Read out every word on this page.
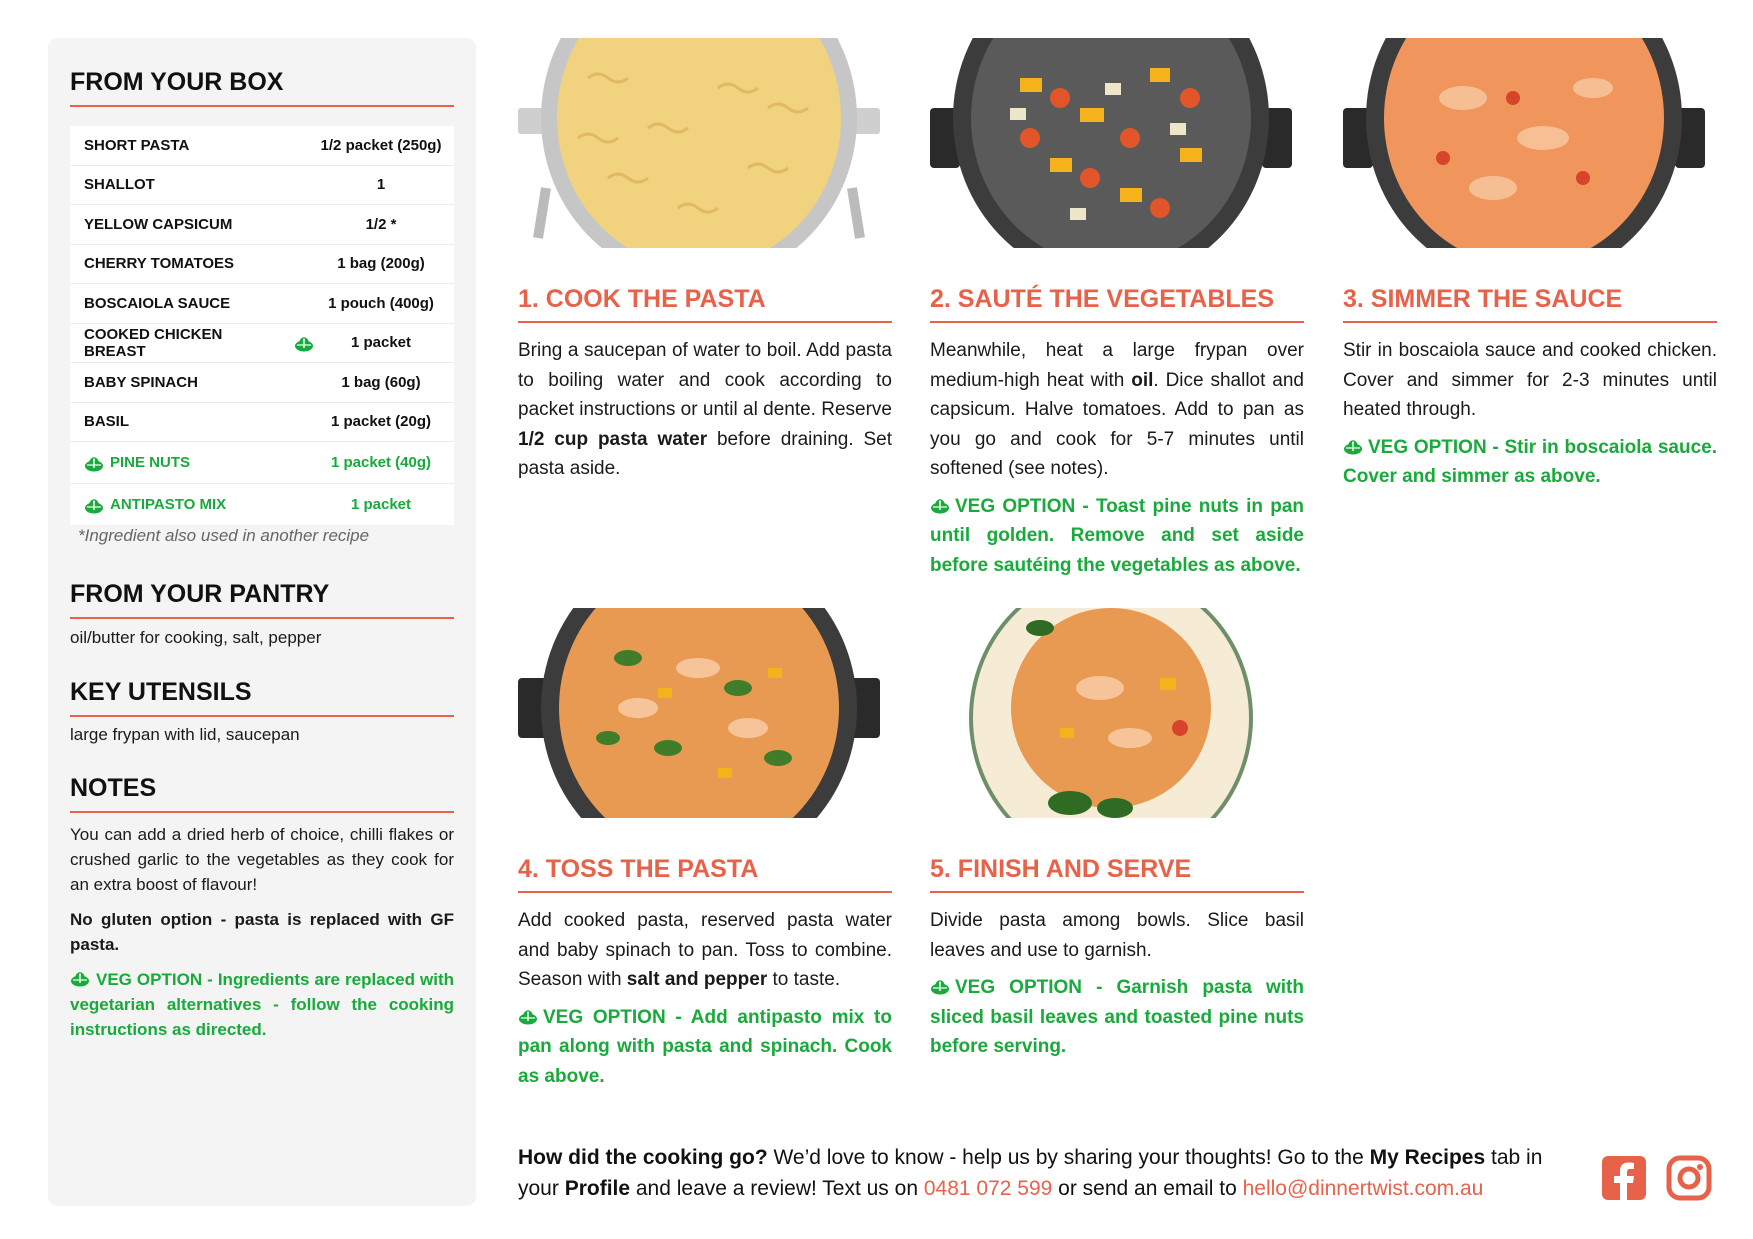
FROM YOUR BOX
SHORT PASTA	1/2 packet (250g)
SHALLOT	1
YELLOW CAPSICUM	1/2 *
CHERRY TOMATOES	1 bag (200g)
BOSCAIOLA SAUCE	1 pouch (400g)
COOKED CHICKEN BREAST	1 packet
BABY SPINACH	1 bag (60g)
BASIL	1 packet (20g)
PINE NUTS	1 packet (40g)
ANTIPASTO MIX	1 packet
*Ingredient also used in another recipe
FROM YOUR PANTRY
oil/butter for cooking, salt, pepper
KEY UTENSILS
large frypan with lid, saucepan
NOTES

You can add a dried herb of choice, chilli flakes or crushed garlic to the vegetables as they cook for an extra boost of flavour!

No gluten option - pasta is replaced with GF pasta.

VEG OPTION - Ingredients are replaced with vegetarian alternatives - follow the cooking instructions as directed.

1. COOK THE PASTA

Bring a saucepan of water to boil. Add pasta to boiling water and cook according to packet instructions or until al dente. Reserve 1/2 cup pasta water before draining. Set pasta aside.

2. SAUTÉ THE VEGETABLES

Meanwhile, heat a large frypan over medium-high heat with oil. Dice shallot and capsicum. Halve tomatoes. Add to pan as you go and cook for 5-7 minutes until softened (see notes).

VEG OPTION - Toast pine nuts in pan until golden. Remove and set aside before sautéing the vegetables as above.

3. SIMMER THE SAUCE

Stir in boscaiola sauce and cooked chicken. Cover and simmer for 2-3 minutes until heated through.

VEG OPTION - Stir in boscaiola sauce. Cover and simmer as above.

4. TOSS THE PASTA

Add cooked pasta, reserved pasta water and baby spinach to pan. Toss to combine. Season with salt and pepper to taste.

VEG OPTION - Add antipasto mix to pan along with pasta and spinach. Cook as above.

5. FINISH AND SERVE

Divide pasta among bowls. Slice basil leaves and use to garnish.

VEG OPTION - Garnish pasta with sliced basil leaves and toasted pine nuts before serving.

How did the cooking go? We’d love to know - help us by sharing your thoughts! Go to the My Recipes tab in your Profile and leave a review! Text us on 0481 072 599 or send an email to hello@dinnertwist.com.au
